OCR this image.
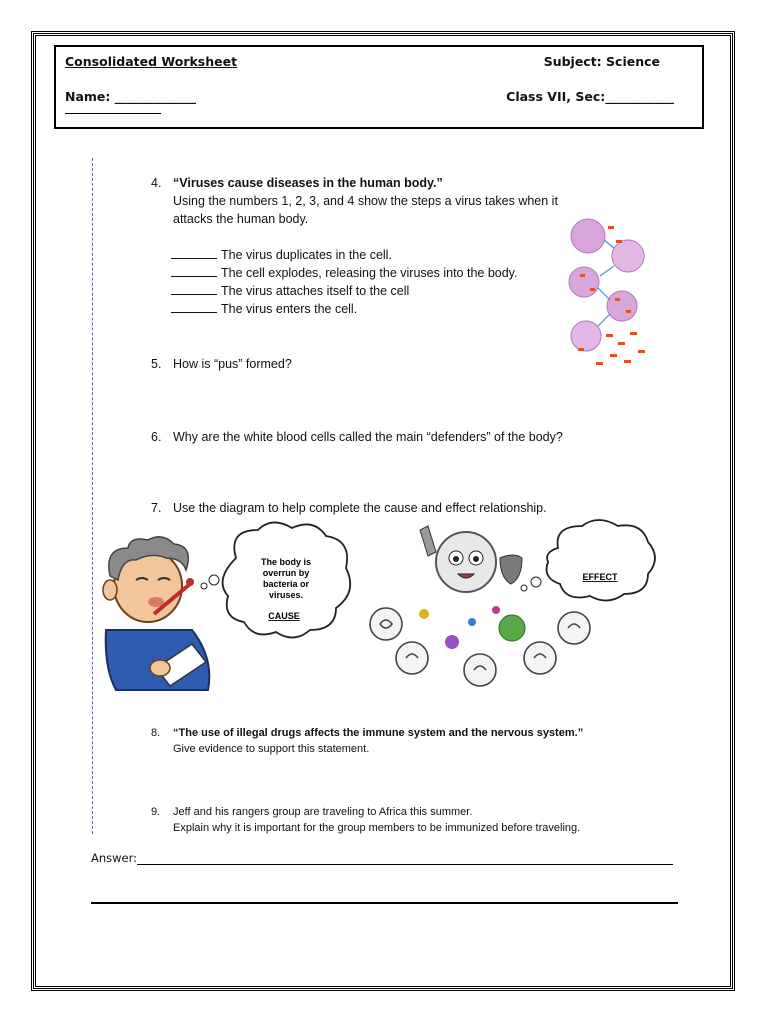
Consolidated Worksheet	Subject: Science
Name: _____________	Class VII, Sec:___________
4. “Viruses cause diseases in the human body.”
Using the numbers 1, 2, 3, and 4 show the steps a virus takes when it
attacks the human body.
The virus duplicates in the cell.
The cell explodes, releasing the viruses into the body.
The virus attaches itself to the cell
The virus enters the cell.
5. How is “pus” formed?
6. Why are the white blood cells called the main “defenders” of the body?
7. Use the diagram to help complete the cause and effect relationship.
The body is
overrun by
bacteria or
viruses.
CAUSE
EFFECT
8. “The use of illegal drugs affects the immune system and the nervous system.”
Give evidence to support this statement.
9. Jeff and his rangers group are traveling to Africa this summer.
Explain why it is important for the group members to be immunized before traveling.
Answer:
